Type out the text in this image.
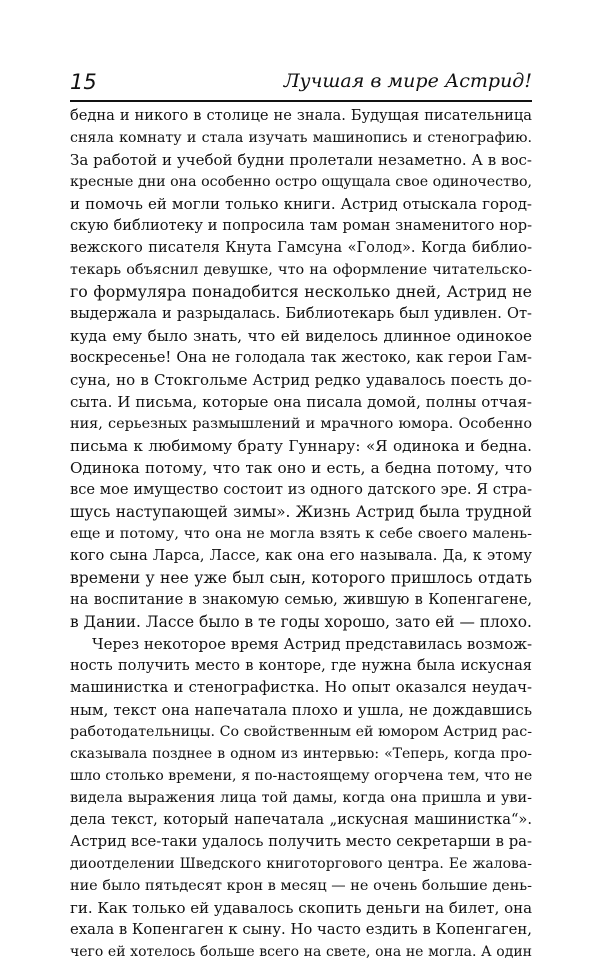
15	Лучшая в мире Астрид!
бедна и никого в столице не знала. Будущая писательница
сняла комнату и стала изучать машинопись и стенографию.
За работой и учебой будни пролетали незаметно. А в вос-
кресные дни она особенно остро ощущала свое одиночество,
и помочь ей могли только книги. Астрид отыскала город-
скую библиотеку и попросила там роман знаменитого нор-
вежского писателя Кнута Гамсуна «Голод». Когда библио-
текарь объяснил девушке, что на оформление читательско-
го формуляра понадобится несколько дней, Астрид не
выдержала и разрыдалась. Библиотекарь был удивлен. От-
куда ему было знать, что ей виделось длинное одинокое
воскресенье! Она не голодала так жестоко, как герои Гам-
суна, но в Стокгольме Астрид редко удавалось поесть до-
сыта. И письма, которые она писала домой, полны отчая-
ния, серьезных размышлений и мрачного юмора. Особенно
письма к любимому брату Гуннару: «Я одинока и бедна.
Одинока потому, что так оно и есть, а бедна потому, что
все мое имущество состоит из одного датского эре. Я стра-
шусь наступающей зимы». Жизнь Астрид была трудной
еще и потому, что она не могла взять к себе своего малень-
кого сына Ларса, Лассе, как она его называла. Да, к этому
времени у нее уже был сын, которого пришлось отдать
на воспитание в знакомую семью, жившую в Копенгагене,
в Дании. Лассе было в те годы хорошо, зато ей — плохо.
Через некоторое время Астрид представилась возмож-
ность получить место в конторе, где нужна была искусная
машинистка и стенографистка. Но опыт оказался неудач-
ным, текст она напечатала плохо и ушла, не дождавшись
работодательницы. Со свойственным ей юмором Астрид рас-
сказывала позднее в одном из интервью: «Теперь, когда про-
шло столько времени, я по-настоящему огорчена тем, что не
видела выражения лица той дамы, когда она пришла и уви-
дела текст, который напечатала „искусная машинистка“».
Астрид все-таки удалось получить место секретарши в ра-
диоотделении Шведского книготоргового центра. Ее жалова-
ние было пятьдесят крон в месяц — не очень большие день-
ги. Как только ей удавалось скопить деньги на билет, она
ехала в Копенгаген к сыну. Но часто ездить в Копенгаген,
чего ей хотелось больше всего на свете, она не могла. А один
